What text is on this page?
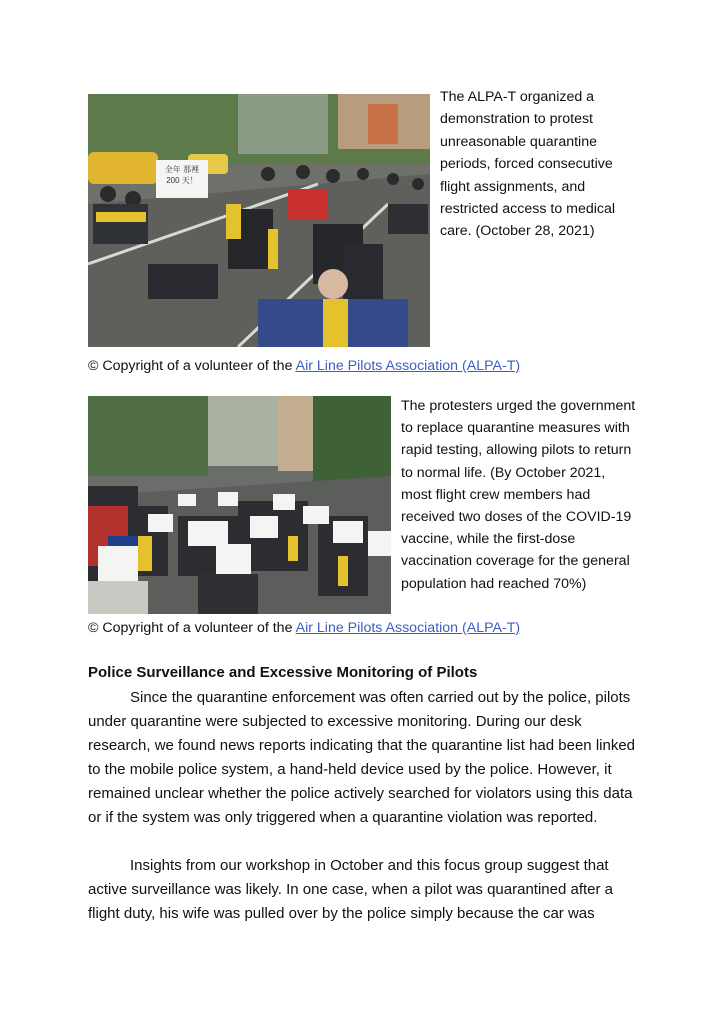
全年 那裡 200 天！
The ALPA-T organized a demonstration to protest unreasonable quarantine periods, forced consecutive flight assignments, and restricted access to medical care. (October 28, 2021)
© Copyright of a volunteer of the Air Line Pilots Association (ALPA-T)
The protesters urged the government to replace quarantine measures with rapid testing, allowing pilots to return to normal life. (By October 2021, most flight crew members had received two doses of the COVID-19 vaccine, while the first-dose vaccination coverage for the general population had reached 70%)
© Copyright of a volunteer of the Air Line Pilots Association (ALPA-T)
Police Surveillance and Excessive Monitoring of Pilots

Since the quarantine enforcement was often carried out by the police, pilots under quarantine were subjected to excessive monitoring. During our desk research, we found news reports indicating that the quarantine list had been linked to the mobile police system, a hand-held device used by the police. However, it remained unclear whether the police actively searched for violators using this data or if the system was only triggered when a quarantine violation was reported.

Insights from our workshop in October and this focus group suggest that active surveillance was likely. In one case, when a pilot was quarantined after a flight duty, his wife was pulled over by the police simply because the car was
